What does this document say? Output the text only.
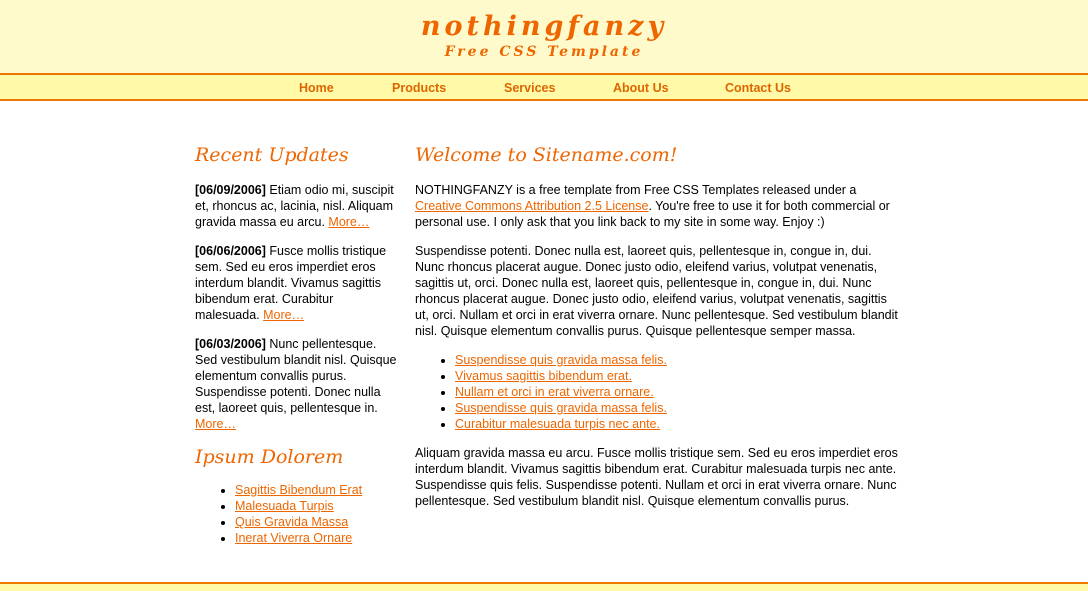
nothingfanzy
Free CSS Template
Home	Products	Services	About Us	Contact Us
Recent Updates

[06/09/2006] Etiam odio mi, suscipit et, rhoncus ac, lacinia, nisl. Aliquam gravida massa eu arcu. More…

[06/06/2006] Fusce mollis tristique sem. Sed eu eros imperdiet eros interdum blandit. Vivamus sagittis bibendum erat. Curabitur malesuada. More…

[06/03/2006] Nunc pellentesque. Sed vestibulum blandit nisl. Quisque elementum convallis purus. Suspendisse potenti. Donec nulla est, laoreet quis, pellentesque in. More…

Ipsum Dolorem
• Sagittis Bibendum Erat
• Malesuada Turpis
• Quis Gravida Massa
• Inerat Viverra Ornare
Welcome to Sitename.com!

NOTHINGFANZY is a free template from Free CSS Templates released under a Creative Commons Attribution 2.5 License. You're free to use it for both commercial or personal use. I only ask that you link back to my site in some way. Enjoy :)

Suspendisse potenti. Donec nulla est, laoreet quis, pellentesque in, congue in, dui. Nunc rhoncus placerat augue. Donec justo odio, eleifend varius, volutpat venenatis, sagittis ut, orci. Donec nulla est, laoreet quis, pellentesque in, congue in, dui. Nunc rhoncus placerat augue. Donec justo odio, eleifend varius, volutpat venenatis, sagittis ut, orci. Nullam et orci in erat viverra ornare. Nunc pellentesque. Sed vestibulum blandit nisl. Quisque elementum convallis purus. Quisque pellentesque semper massa.

• Suspendisse quis gravida massa felis.
• Vivamus sagittis bibendum erat.
• Nullam et orci in erat viverra ornare.
• Suspendisse quis gravida massa felis.
• Curabitur malesuada turpis nec ante.

Aliquam gravida massa eu arcu. Fusce mollis tristique sem. Sed eu eros imperdiet eros interdum blandit. Vivamus sagittis bibendum erat. Curabitur malesuada turpis nec ante. Suspendisse quis felis. Suspendisse potenti. Nullam et orci in erat viverra ornare. Nunc pellentesque. Sed vestibulum blandit nisl. Quisque elementum convallis purus.
